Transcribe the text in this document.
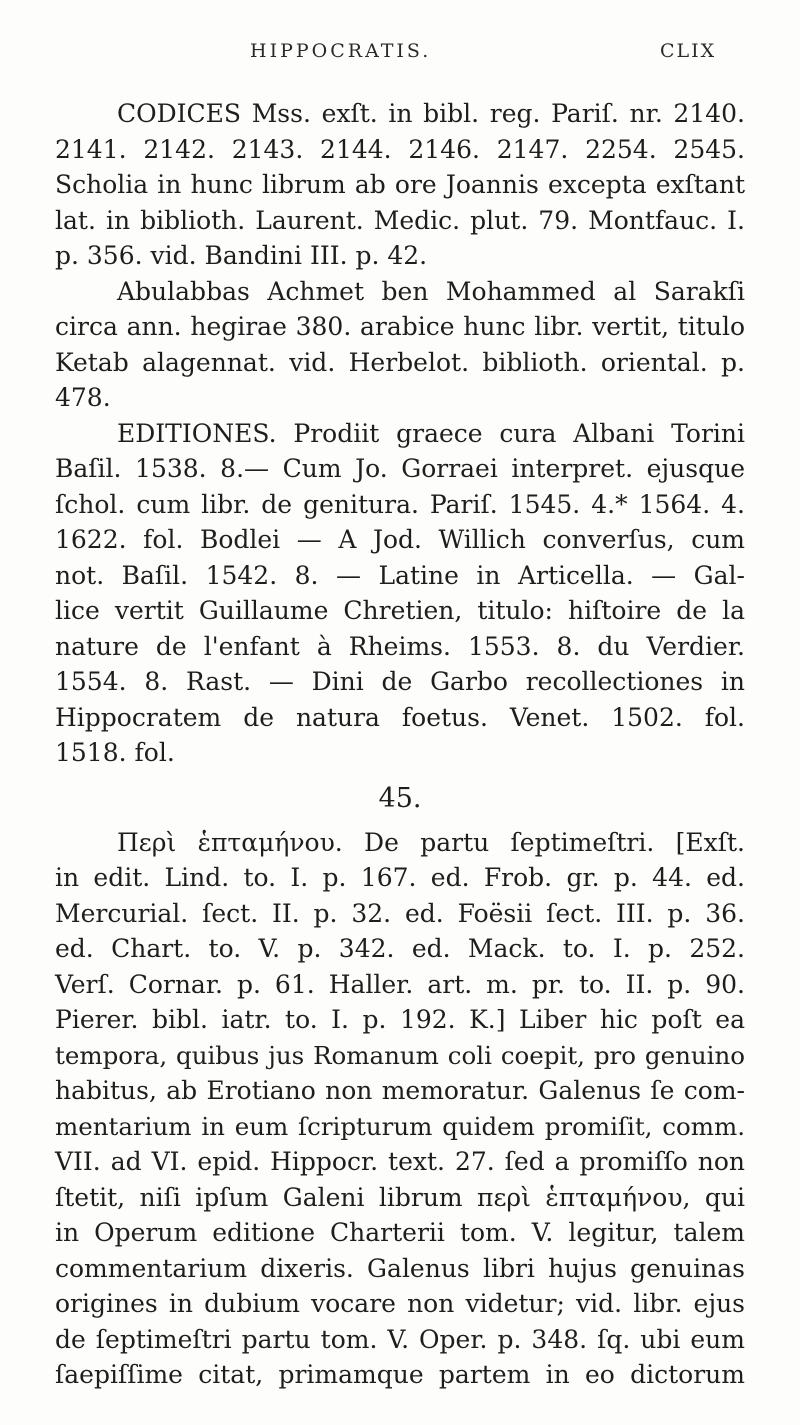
HIPPOCRATIS.	CLIX
CODICES Mss. exſt. in bibl. reg. Pariſ. nr. 2140.
2141. 2142. 2143. 2144. 2146. 2147. 2254. 2545.
Scholia in hunc librum ab ore Joannis excepta exſtant
lat. in biblioth. Laurent. Medic. plut. 79. Montfauc. I.
p. 356. vid. Bandini III. p. 42.
Abulabbas Achmet ben Mohammed al Sarakſi
circa ann. hegirae 380. arabice hunc libr. vertit, titulo
Ketab alagennat. vid. Herbelot. biblioth. oriental. p.
478.
EDITIONES. Prodiit graece cura Albani Torini
Baſil. 1538. 8.— Cum Jo. Gorraei interpret. ejusque
ſchol. cum libr. de genitura. Pariſ. 1545. 4.* 1564. 4.
1622. fol. Bodlei — A Jod. Willich converſus, cum
not. Baſil. 1542. 8. — Latine in Articella. — Gal-
lice vertit Guillaume Chretien, titulo: hiſtoire de la
nature de l'enfant à Rheims. 1553. 8. du Verdier.
1554. 8. Rast. — Dini de Garbo recollectiones in
Hippocratem de natura foetus. Venet. 1502. fol.
1518. fol.
45.
Περὶ ἑπταμήνου. De partu ſeptimeſtri. [Exſt.
in edit. Lind. to. I. p. 167. ed. Frob. gr. p. 44. ed.
Mercurial. ſect. II. p. 32. ed. Foësii ſect. III. p. 36.
ed. Chart. to. V. p. 342. ed. Mack. to. I. p. 252.
Verſ. Cornar. p. 61. Haller. art. m. pr. to. II. p. 90.
Pierer. bibl. iatr. to. I. p. 192. K.] Liber hic poſt ea
tempora, quibus jus Romanum coli coepit, pro genuino
habitus, ab Erotiano non memoratur. Galenus ſe com-
mentarium in eum ſcripturum quidem promiſit, comm.
VII. ad VI. epid. Hippocr. text. 27. ſed a promiſſo non
ſtetit, niſi ipſum Galeni librum περὶ ἑπταμήνου, qui
in Operum editione Charterii tom. V. legitur, talem
commentarium dixeris. Galenus libri hujus genuinas
origines in dubium vocare non videtur; vid. libr. ejus
de ſeptimeſtri partu tom. V. Oper. p. 348. ſq. ubi eum
ſaepiſſime citat, primamque partem in eo dictorum
